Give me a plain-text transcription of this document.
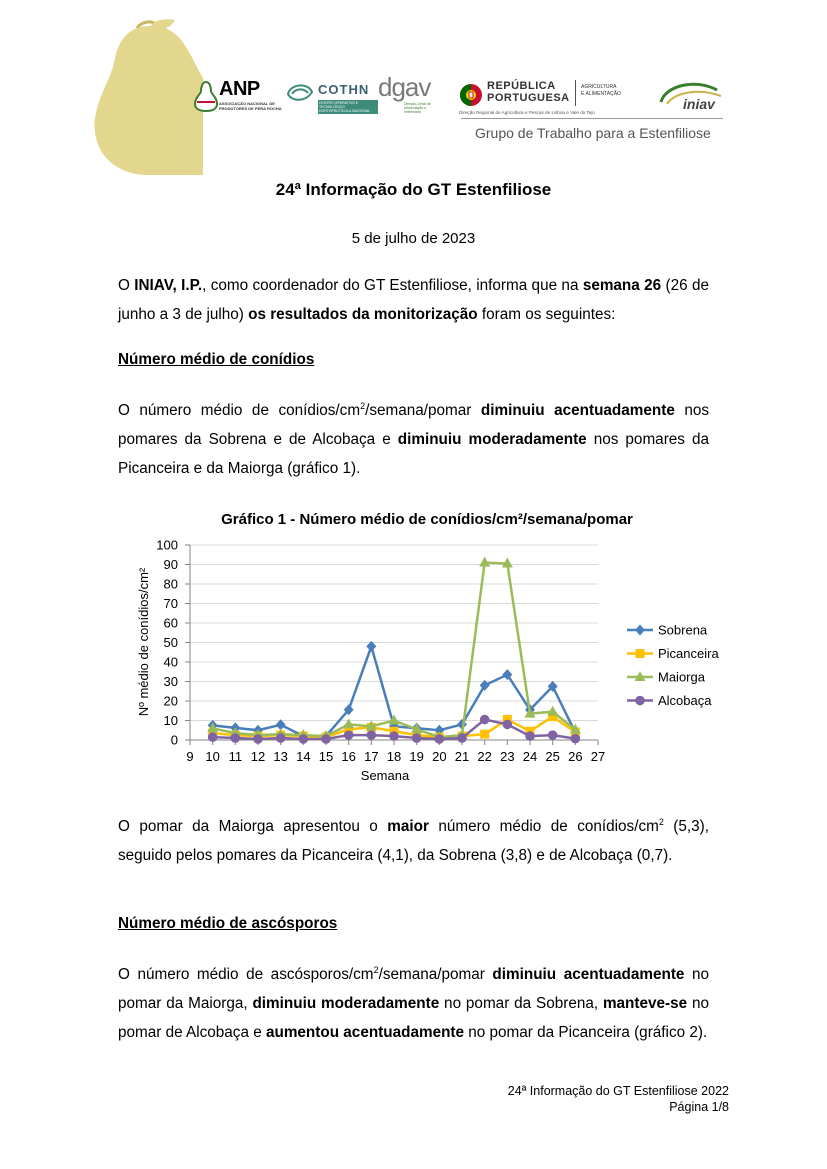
ANP
ASSOCIAÇÃO NACIONAL DE PRODUTORES DE PERA ROCHA
COTHN
CENTRO OPERATIVO E TECNOLÓGICO HORTOFRUTÍCOLA NACIONAL
dgav
Direção-Geral de Alimentação e Veterinária
REPÚBLICA
PORTUGUESA
AGRICULTURA
E ALIMENTAÇÃO
Direção Regional de Agricultura e Pescas de Lisboa e Vale do Tejo
iniav
Grupo de Trabalho para a Estenfiliose
24ª Informação do GT Estenfiliose
5 de julho de 2023

O INIAV, I.P., como coordenador do GT Estenfiliose, informa que na semana 26 (26 de junho a 3 de julho) os resultados da monitorização foram os seguintes:

Número médio de conídios

O número médio de conídios/$cm^2/semana$/pomar diminuiu acentuadamente nos pomares da Sobrena e de Alcobaça e diminuiu moderadamente nos pomares da Picanceira e da Maiorga (gráfico 1).

Gráfico 1 - Número médio de conídios/cm²/semana/pomar
0
10
20
30
40
50
60
70
80
90
100
9 10 11 12 13 14 15 16 17 18 19 20 21 22 23 24 25 26 27
Semana
Nº médio de conídios/cm²	Sobrena
Picanceira
Maiorga
Alcobaça

O pomar da Maiorga apresentou o maior número médio de conídios/$cm^2$ (5,3), seguido pelos pomares da Picanceira (4,1), da Sobrena (3,8) e de Alcobaça (0,7).

Número médio de ascósporos

O número médio de ascósporos/$cm^2/semana$/pomar diminuiu acentuadamente no pomar da Maiorga, diminuiu moderadamente no pomar da Sobrena, manteve-se no pomar de Alcobaça e aumentou acentuadamente no pomar da Picanceira (gráfico 2).

24ª Informação do GT Estenfiliose 2022
Página 1/8
